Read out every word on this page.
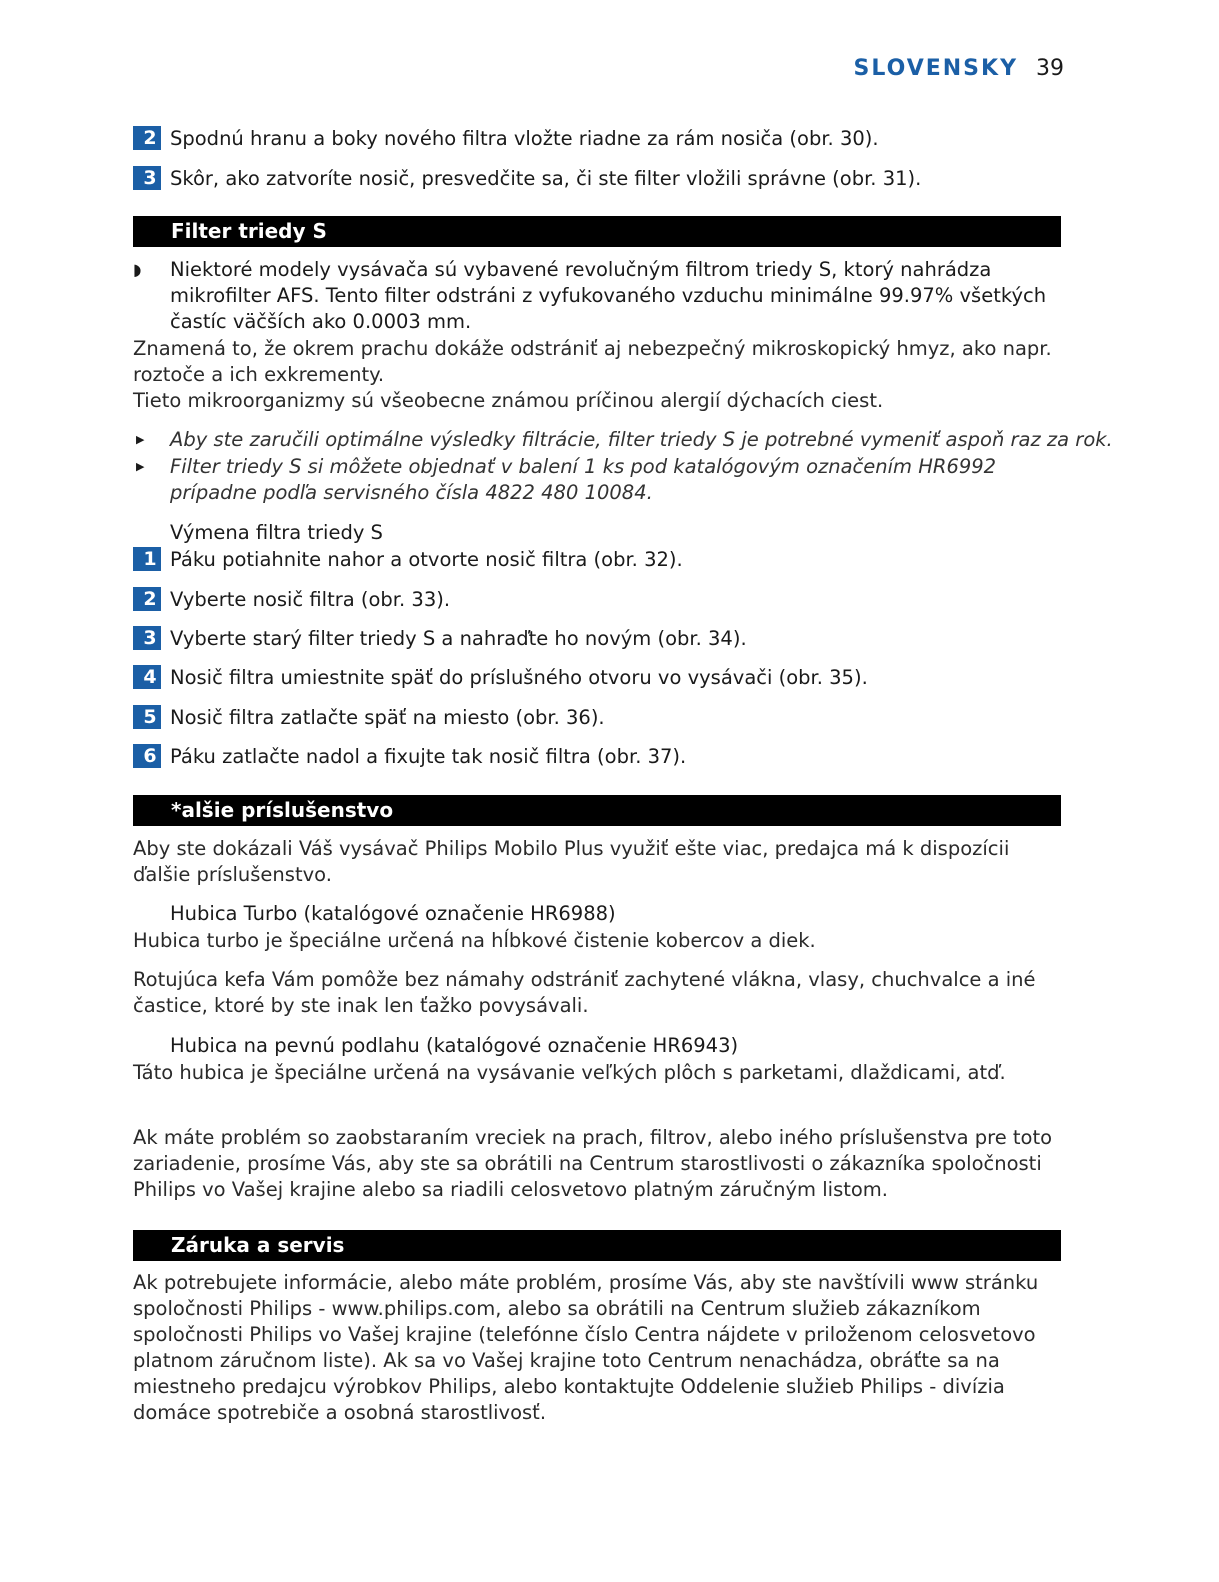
SLOVENSKY 39
2 Spodnú hranu a boky nového filtra vložte riadne za rám nosiča (obr. 30).
3 Skôr, ako zatvoríte nosič, presvedčite sa, či ste filter vložili správne (obr. 31).
Filter triedy S
◗ Niektoré modely vysávača sú vybavené revolučným filtrom triedy S, ktorý nahrádza mikrofilter AFS. Tento filter odstráni z vyfukovaného vzduchu minimálne 99.97% všetkých častíc väčších ako 0.0003 mm.
Znamená to, že okrem prachu dokáže odstrániť aj nebezpečný mikroskopický hmyz, ako napr. roztoče a ich exkrementy.
Tieto mikroorganizmy sú všeobecne známou príčinou alergií dýchacích ciest.
▶ Aby ste zaručili optimálne výsledky filtrácie, filter triedy S je potrebné vymeniť aspoň raz za rok.
▶ Filter triedy S si môžete objednať v balení 1 ks pod katalógovým označením HR6992 prípadne podľa servisného čísla 4822 480 10084.
Výmena filtra triedy S
1 Páku potiahnite nahor a otvorte nosič filtra (obr. 32).
2 Vyberte nosič filtra (obr. 33).
3 Vyberte starý filter triedy S a nahraďte ho novým (obr. 34).
4 Nosič filtra umiestnite späť do príslušného otvoru vo vysávači (obr. 35).
5 Nosič filtra zatlačte späť na miesto (obr. 36).
6 Páku zatlačte nadol a fixujte tak nosič filtra (obr. 37).
*alšie príslušenstvo
Aby ste dokázali Váš vysávač Philips Mobilo Plus využiť ešte viac, predajca má k dispozícii ďalšie príslušenstvo.
Hubica Turbo (katalógové označenie HR6988)
Hubica turbo je špeciálne určená na hĺbkové čistenie kobercov a diek.
Rotujúca kefa Vám pomôže bez námahy odstrániť zachytené vlákna, vlasy, chuchvalce a iné častice, ktoré by ste inak len ťažko povysávali.
Hubica na pevnú podlahu (katalógové označenie HR6943)
Táto hubica je špeciálne určená na vysávanie veľkých plôch s parketami, dlaždicami, atď.
Ak máte problém so zaobstaraním vreciek na prach, filtrov, alebo iného príslušenstva pre toto zariadenie, prosíme Vás, aby ste sa obrátili na Centrum starostlivosti o zákazníka spoločnosti Philips vo Vašej krajine alebo sa riadili celosvetovo platným záručným listom.
Záruka a servis
Ak potrebujete informácie, alebo máte problém, prosíme Vás, aby ste navštívili www stránku spoločnosti Philips - www.philips.com, alebo sa obrátili na Centrum služieb zákazníkom spoločnosti Philips vo Vašej krajine (telefónne číslo Centra nájdete v priloženom celosvetovo platnom záručnom liste). Ak sa vo Vašej krajine toto Centrum nenachádza, obráťte sa na miestneho predajcu výrobkov Philips, alebo kontaktujte Oddelenie služieb Philips - divízia domáce spotrebiče a osobná starostlivosť.
